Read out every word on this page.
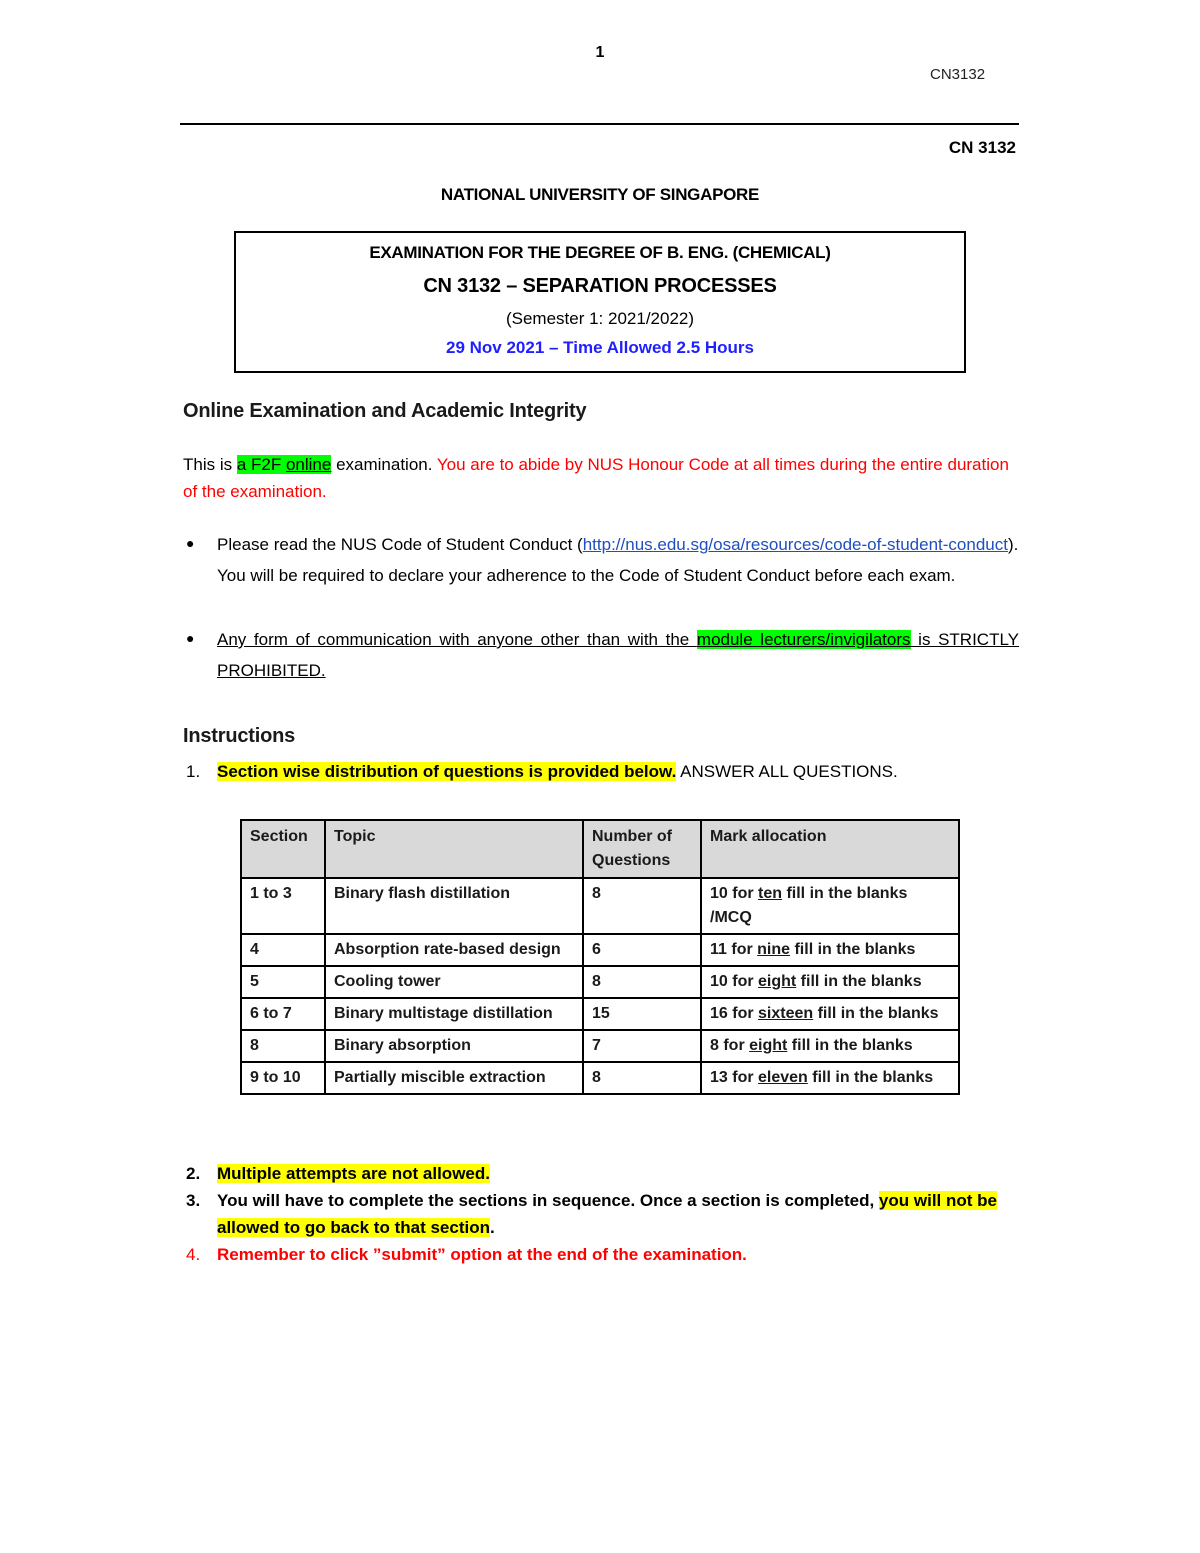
1
CN3132
CN 3132
NATIONAL UNIVERSITY OF SINGAPORE
EXAMINATION FOR THE DEGREE OF B. ENG. (CHEMICAL)
CN 3132 – SEPARATION PROCESSES
(Semester 1: 2021/2022)
29 Nov 2021 – Time Allowed 2.5 Hours
Online Examination and Academic Integrity
This is a F2F online examination. You are to abide by NUS Honour Code at all times during the entire duration of the examination.
● Please read the NUS Code of Student Conduct (http://nus.edu.sg/osa/resources/code-of-student-conduct). You will be required to declare your adherence to the Code of Student Conduct before each exam.
● Any form of communication with anyone other than with the module lecturers/invigilators is STRICTLY PROHIBITED.
Instructions
1. Section wise distribution of questions is provided below. ANSWER ALL QUESTIONS.
Section	Topic	Number of Questions	Mark allocation
1 to 3	Binary flash distillation	8	10 for ten fill in the blanks /MCQ
4	Absorption rate-based design	6	11 for nine fill in the blanks
5	Cooling tower	8	10 for eight fill in the blanks
6 to 7	Binary multistage distillation	15	16 for sixteen fill in the blanks
8	Binary absorption	7	8 for eight fill in the blanks
9 to 10	Partially miscible extraction	8	13 for eleven fill in the blanks
2. Multiple attempts are not allowed.
3. You will have to complete the sections in sequence. Once a section is completed, you will not be allowed to go back to that section.
4. Remember to click ”submit” option at the end of the examination.
